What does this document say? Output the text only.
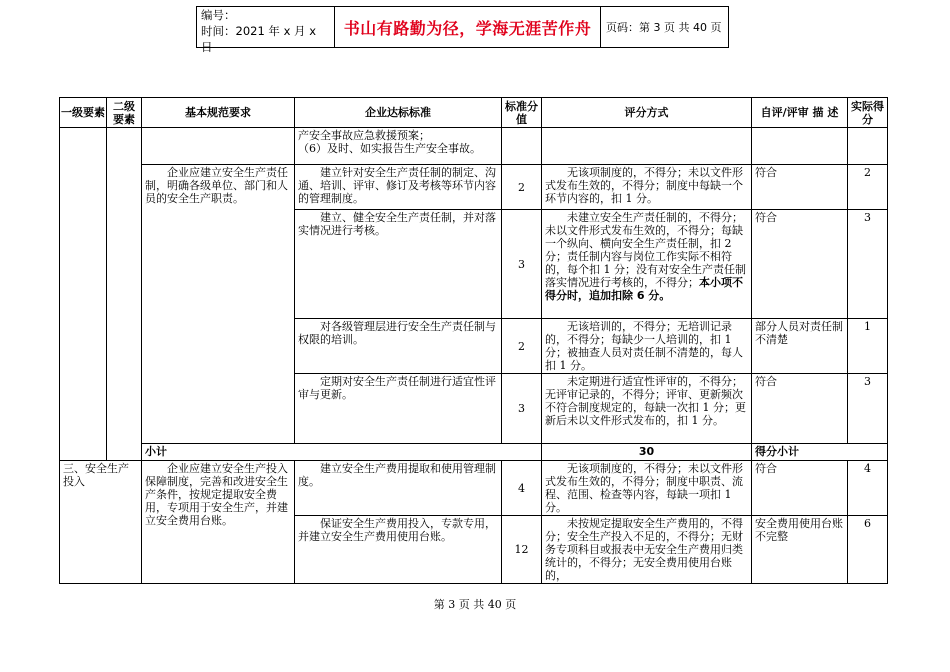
编号：
时间：2021 年 x 月 x 日
书山有路勤为径，学海无涯苦作舟	页码：第 3 页 共 40 页
一级要素	二级要素	基本规范要求	企业达标标准	标准分值	评分方式	自评/评审 描 述	实际得分	
			产安全事故应急救援预案；
（6）及时、如实报告生产安全事故。					
		企业应建立安全生产责任制，明确各级单位、部门和人员的安全生产职责。	建立针对安全生产责任制的制定、沟通、培训、评审、修订及考核等环节内容的管理制度。	2	无该项制度的，不得分；未以文件形式发布生效的，不得分；制度中每缺一个环节内容的，扣 1 分。	符合	2	
			建立、健全安全生产责任制，并对落实情况进行考核。	3	未建立安全生产责任制的，不得分；未以文件形式发布生效的，不得分；每缺一个纵向、横向安全生产责任制，扣 2 分；责任制内容与岗位工作实际不相符的，每个扣 1 分；没有对安全生产责任制落实情况进行考核的，不得分；本小项不得分时，追加扣除 6 分。	符合	3	
			对各级管理层进行安全生产责任制与权限的培训。	2	无该培训的，不得分；无培训记录的，不得分；每缺少一人培训的，扣 1 分；被抽查人员对责任制不清楚的，每人扣 1 分。	部分人员对责任制不清楚	1	
			定期对安全生产责任制进行适宜性评审与更新。	3	未定期进行适宜性评审的，不得分；无评审记录的，不得分；评审、更新频次不符合制度规定的，每缺一次扣 1 分；更新后未以文件形式发布的，扣 1 分。	符合	3	
		小计			30	得分小计	
三、安全生产投入		企业应建立安全生产投入保障制度，完善和改进安全生产条件，按规定提取安全费用，专项用于安全生产，并建立安全费用台账。	建立安全生产费用提取和使用管理制度。	4	无该项制度的，不得分；未以文件形式发布生效的，不得分；制度中职责、流程、范围、检查等内容，每缺一项扣 1 分。	符合	4	
			保证安全生产费用投入，专款专用，并建立安全生产费用使用台账。	12	未按规定提取安全生产费用的，不得分；安全生产投入不足的，不得分；无财务专项科目或报表中无安全生产费用归类统计的，不得分；无安全费用使用台账的，	安全费用使用台账不完整	6	
第 3 页 共 40 页
